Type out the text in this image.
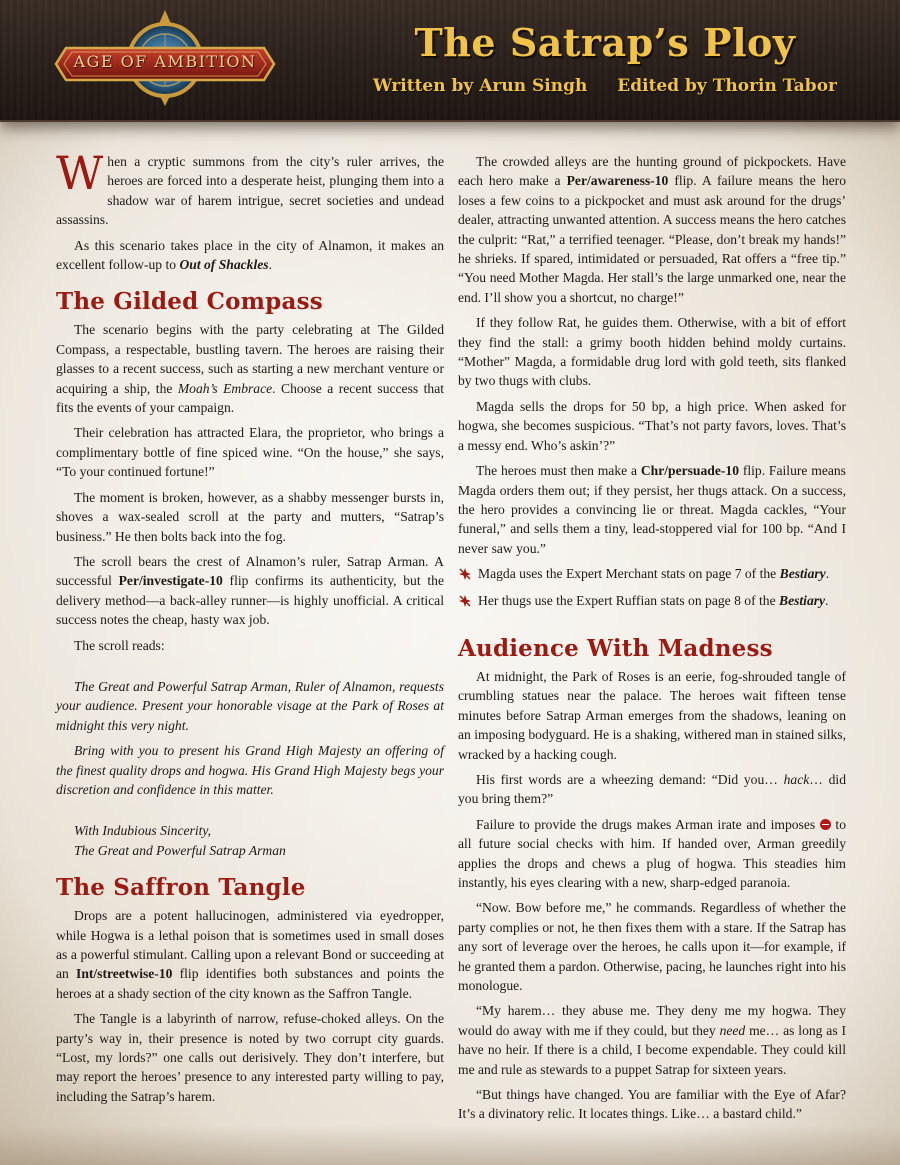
AGE OF AMBITION	The Satrap’s Ploy
Written by Arun Singh Edited by Thorin Tabor

When a cryptic summons from the city’s ruler arrives, the heroes are forced into a desperate heist, plunging them into a shadow war of harem intrigue, secret societies and undead assassins.

As this scenario takes place in the city of Alnamon, it makes an excellent follow-up to Out of Shackles.

The Gilded Compass

The scenario begins with the party celebrating at The Gilded Compass, a respectable, bustling tavern. The heroes are raising their glasses to a recent success, such as starting a new merchant venture or acquiring a ship, the Moah’s Embrace. Choose a recent success that fits the events of your campaign.

Their celebration has attracted Elara, the proprietor, who brings a complimentary bottle of fine spiced wine. “On the house,” she says, “To your continued fortune!”

The moment is broken, however, as a shabby messenger bursts in, shoves a wax-sealed scroll at the party and mutters, “Satrap’s business.” He then bolts back into the fog.

The scroll bears the crest of Alnamon’s ruler, Satrap Arman. A successful Per/investigate-10 flip confirms its authenticity, but the delivery method—a back-alley runner—is highly unofficial. A critical success notes the cheap, hasty wax job.

The scroll reads:

The Great and Powerful Satrap Arman, Ruler of Alnamon, requests your audience. Present your honorable visage at the Park of Roses at midnight this very night.

Bring with you to present his Grand High Majesty an offering of the finest quality drops and hogwa. His Grand High Majesty begs your discretion and confidence in this matter.

With Indubious Sincerity,
The Great and Powerful Satrap Arman
The Saffron Tangle

Drops are a potent hallucinogen, administered via eyedropper, while Hogwa is a lethal poison that is sometimes used in small doses as a powerful stimulant. Calling upon a relevant Bond or succeeding at an Int/streetwise-10 flip identifies both substances and points the heroes at a shady section of the city known as the Saffron Tangle.

The Tangle is a labyrinth of narrow, refuse-choked alleys. On the party’s way in, their presence is noted by two corrupt city guards. “Lost, my lords?” one calls out derisively. They don’t interfere, but may report the heroes’ presence to any interested party willing to pay, including the Satrap’s harem.

The crowded alleys are the hunting ground of pickpockets. Have each hero make a Per/awareness-10 flip. A failure means the hero loses a few coins to a pickpocket and must ask around for the drugs’ dealer, attracting unwanted attention. A success means the hero catches the culprit: “Rat,” a terrified teenager. “Please, don’t break my hands!” he shrieks. If spared, intimidated or persuaded, Rat offers a “free tip.” “You need Mother Magda. Her stall’s the large unmarked one, near the end. I’ll show you a shortcut, no charge!”

If they follow Rat, he guides them. Otherwise, with a bit of effort they find the stall: a grimy booth hidden behind moldy curtains. “Mother” Magda, a formidable drug lord with gold teeth, sits flanked by two thugs with clubs.

Magda sells the drops for 50 bp, a high price. When asked for hogwa, she becomes suspicious. “That’s not party favors, loves. That’s a messy end. Who’s askin’?”

The heroes must then make a Chr/persuade-10 flip. Failure means Magda orders them out; if they persist, her thugs attack. On a success, the hero provides a convincing lie or threat. Magda cackles, “Your funeral,” and sells them a tiny, lead-stoppered vial for 100 bp. “And I never saw you.”

Magda uses the Expert Merchant stats on page 7 of the Bestiary.
Her thugs use the Expert Ruffian stats on page 8 of the Bestiary.
Audience With Madness

At midnight, the Park of Roses is an eerie, fog-shrouded tangle of crumbling statues near the palace. The heroes wait fifteen tense minutes before Satrap Arman emerges from the shadows, leaning on an imposing bodyguard. He is a shaking, withered man in stained silks, wracked by a hacking cough.

His first words are a wheezing demand: “Did you… hack… did you bring them?”

Failure to provide the drugs makes Arman irate and imposes  to all future social checks with him. If handed over, Arman greedily applies the drops and chews a plug of hogwa. This steadies him instantly, his eyes clearing with a new, sharp-edged paranoia.

“Now. Bow before me,” he commands. Regardless of whether the party complies or not, he then fixes them with a stare. If the Satrap has any sort of leverage over the heroes, he calls upon it—for example, if he granted them a pardon. Otherwise, pacing, he launches right into his monologue.

“My harem… they abuse me. They deny me my hogwa. They would do away with me if they could, but they need me… as long as I have no heir. If there is a child, I become expendable. They could kill me and rule as stewards to a puppet Satrap for sixteen years.

“But things have changed. You are familiar with the Eye of Afar? It’s a divinatory relic. It locates things. Like… a bastard child.”
